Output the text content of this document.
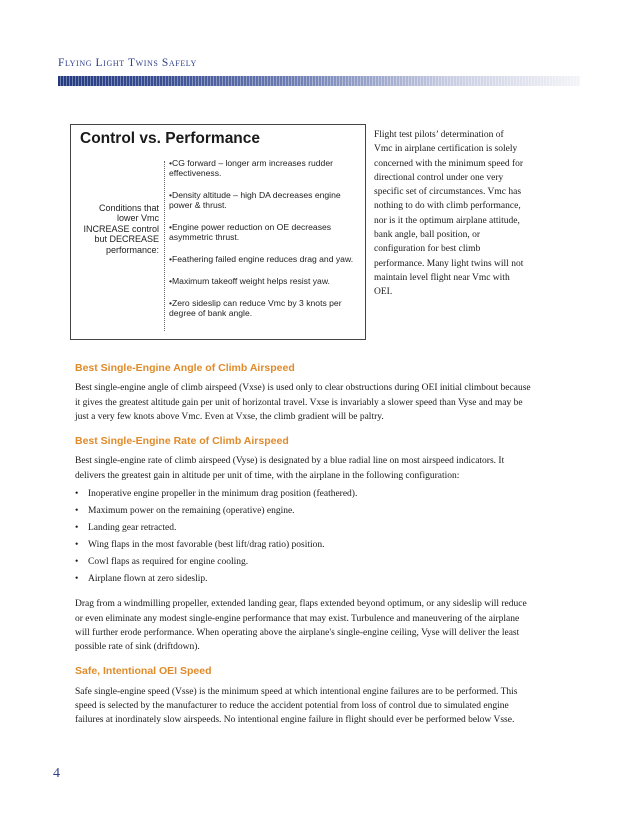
Flying Light Twins Safely
Control vs. Performance
Conditions that lower Vmc INCREASE control but DECREASE performance:
•CG forward – longer arm increases rudder effectiveness.
•Density altitude – high DA decreases engine power & thrust.
•Engine power reduction on OE decreases asymmetric thrust.
•Feathering failed engine reduces drag and yaw.
•Maximum takeoff weight helps resist yaw.
•Zero sideslip can reduce Vmc by 3 knots per degree of bank angle.
Flight test pilots’ determination of Vmc in airplane certification is solely concerned with the minimum speed for directional control under one very specific set of circumstances. Vmc has nothing to do with climb performance, nor is it the optimum airplane attitude, bank angle, ball position, or configuration for best climb performance. Many light twins will not maintain level flight near Vmc with OEI.
Best Single-Engine Angle of Climb Airspeed

Best single-engine angle of climb airspeed (Vxse) is used only to clear obstructions during OEI initial climbout because it gives the greatest altitude gain per unit of horizontal travel. Vxse is invariably a slower speed than Vyse and may be just a very few knots above Vmc. Even at Vxse, the climb gradient will be paltry.

Best Single-Engine Rate of Climb Airspeed

Best single-engine rate of climb airspeed (Vyse) is designated by a blue radial line on most airspeed indicators. It delivers the greatest gain in altitude per unit of time, with the airplane in the following configuration:

• Inoperative engine propeller in the minimum drag position (feathered).
• Maximum power on the remaining (operative) engine.
• Landing gear retracted.
• Wing flaps in the most favorable (best lift/drag ratio) position.
• Cowl flaps as required for engine cooling.
• Airplane flown at zero sideslip.

Drag from a windmilling propeller, extended landing gear, flaps extended beyond optimum, or any sideslip will reduce or even eliminate any modest single-engine performance that may exist. Turbulence and maneuvering of the airplane will further erode performance. When operating above the airplane's single-engine ceiling, Vyse will deliver the least possible rate of sink (driftdown).

Safe, Intentional OEI Speed

Safe single-engine speed (Vsse) is the minimum speed at which intentional engine failures are to be performed. This speed is selected by the manufacturer to reduce the accident potential from loss of control due to simulated engine failures at inordinately slow airspeeds. No intentional engine failure in flight should ever be performed below Vsse.

4
